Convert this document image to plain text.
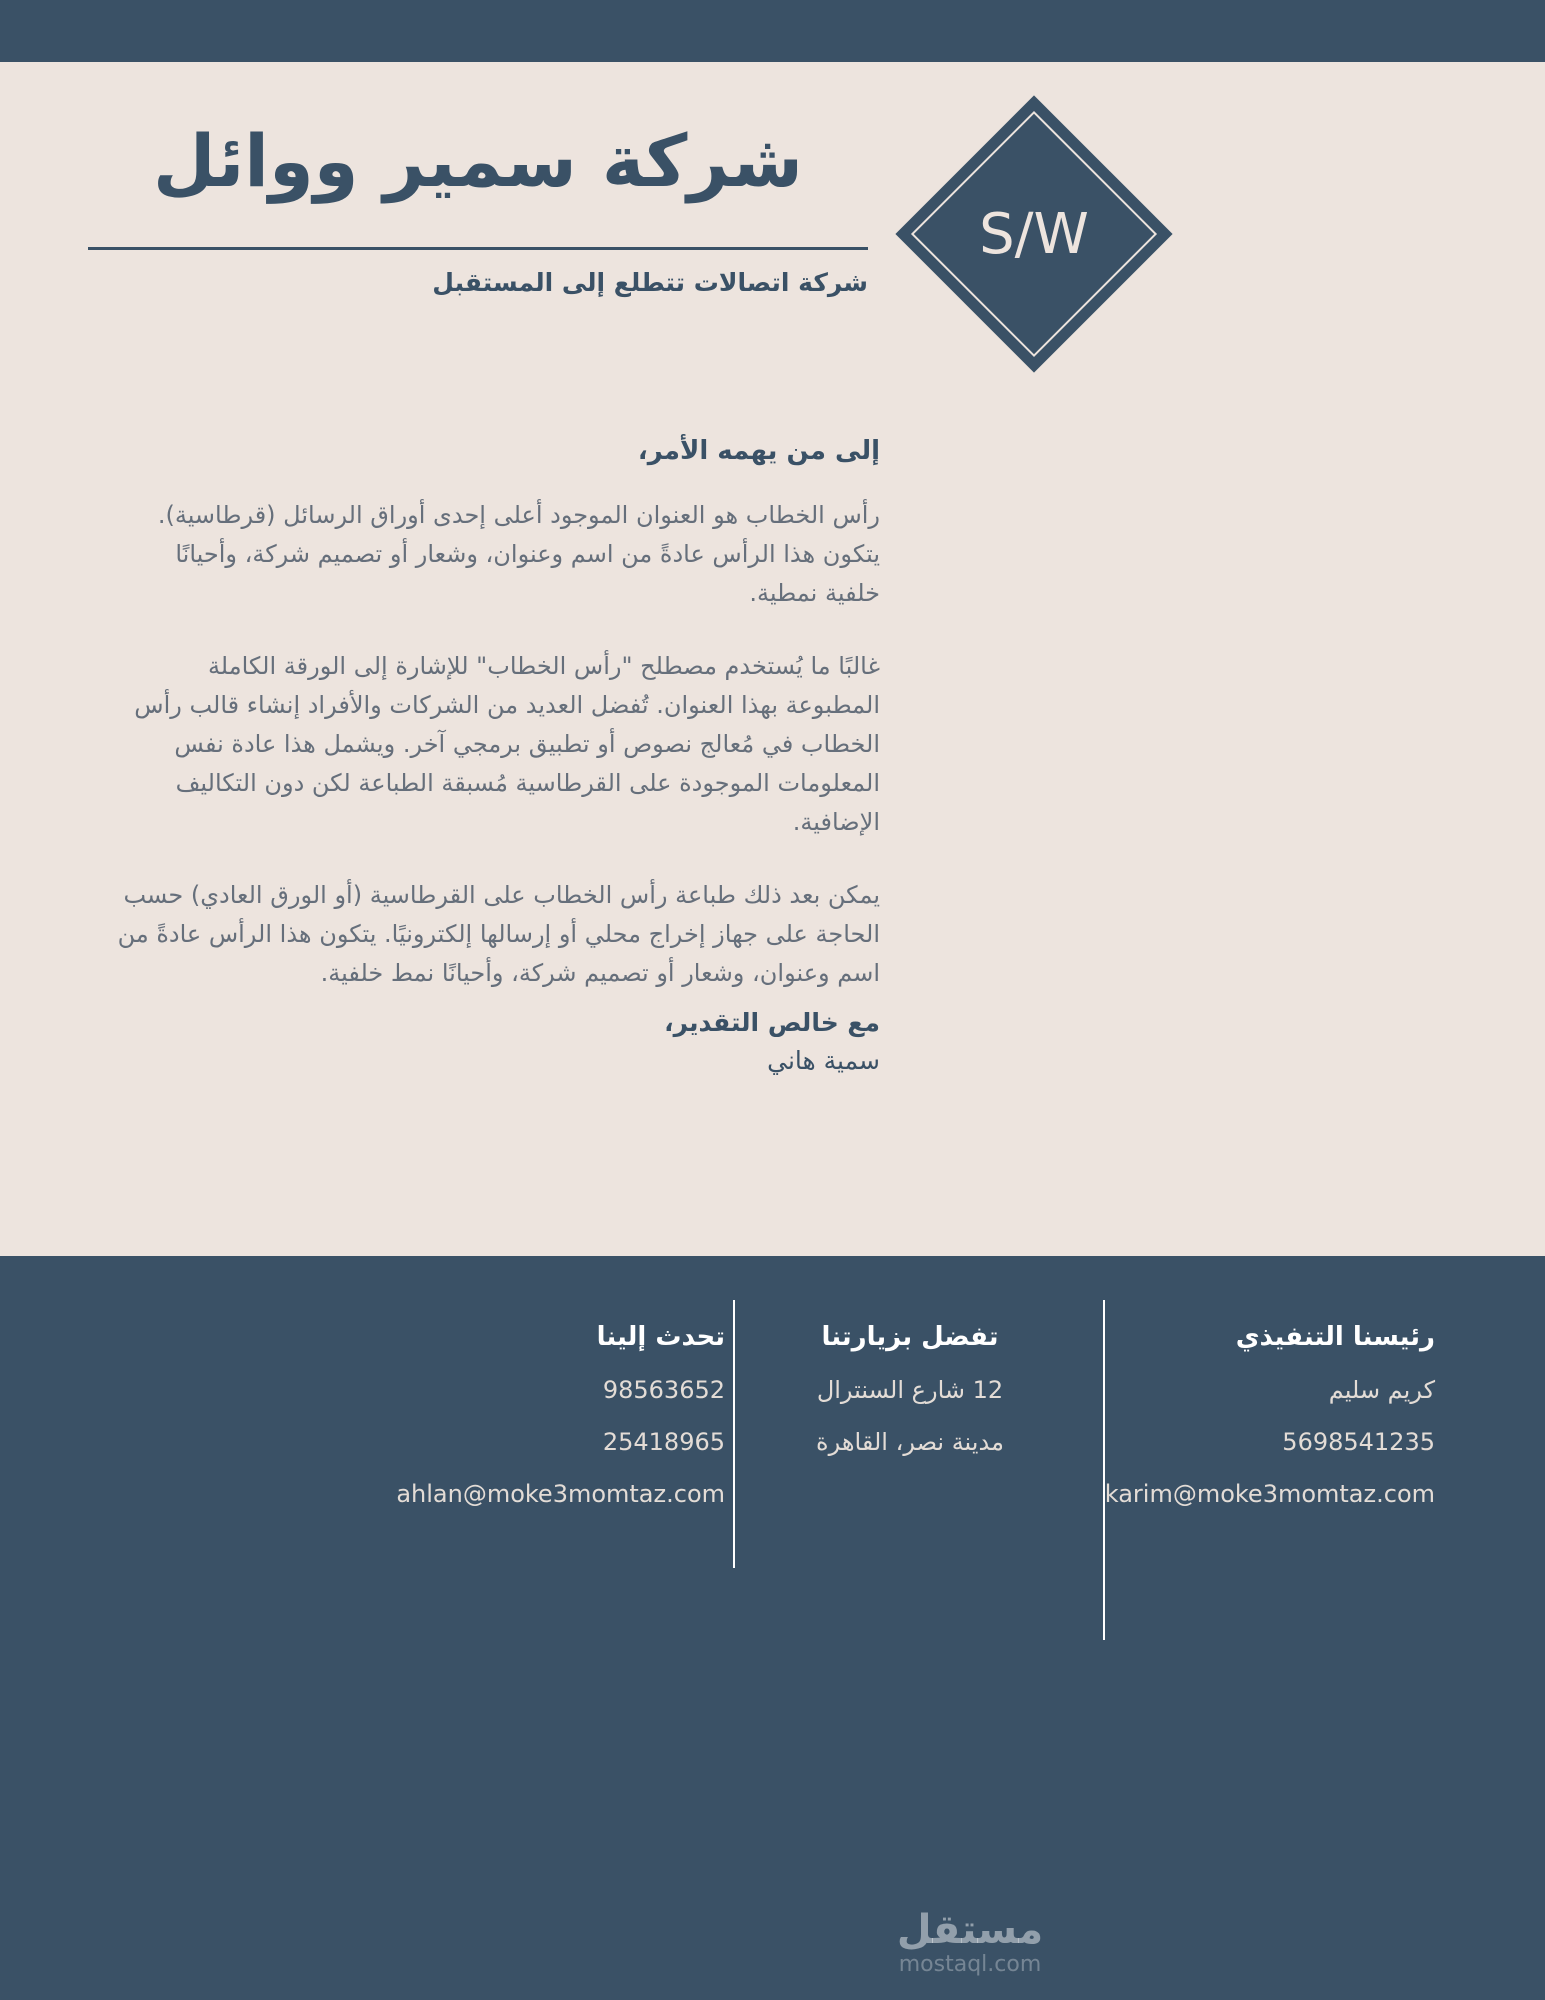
شركة سمير ووائل
شركة اتصالات تتطلع إلى المستقبل
S/W

إلى من يهمه الأمر،

رأس الخطاب هو العنوان الموجود أعلى إحدى أوراق الرسائل (قرطاسية). يتكون هذا الرأس عادةً من اسم وعنوان، وشعار أو تصميم شركة، وأحيانًا خلفية نمطية.

غالبًا ما يُستخدم مصطلح "رأس الخطاب" للإشارة إلى الورقة الكاملة المطبوعة بهذا العنوان. تُفضل العديد من الشركات والأفراد إنشاء قالب رأس الخطاب في مُعالج نصوص أو تطبيق برمجي آخر. ويشمل هذا عادة نفس المعلومات الموجودة على القرطاسية مُسبقة الطباعة لكن دون التكاليف الإضافية.

يمكن بعد ذلك طباعة رأس الخطاب على القرطاسية (أو الورق العادي) حسب الحاجة على جهاز إخراج محلي أو إرسالها إلكترونيًا. يتكون هذا الرأس عادةً من اسم وعنوان، وشعار أو تصميم شركة، وأحيانًا نمط خلفية.

مع خالص التقدير،
سمية هاني
تحدث إلينا
98563652
25418965
ahlan@moke3momtaz.com
تفضل بزيارتنا
12 شارع السنترال
مدينة نصر، القاهرة
رئيسنا التنفيذي
كريم سليم
5698541235
karim@moke3momtaz.com
مستقل
mostaql.com
